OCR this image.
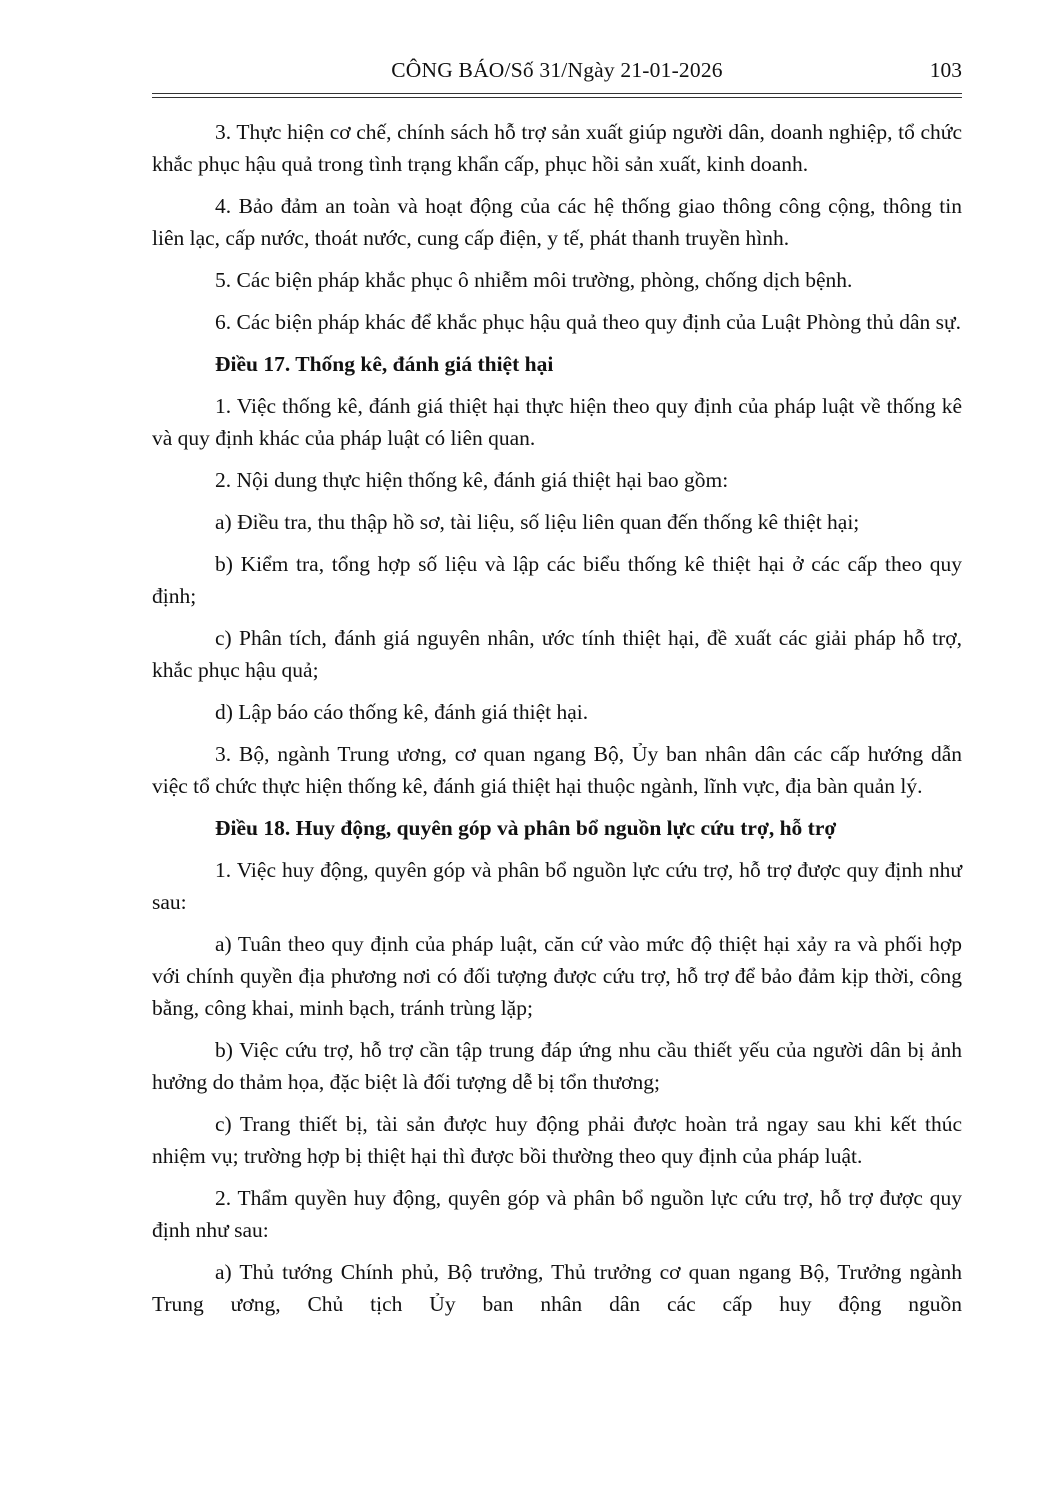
CÔNG BÁO/Số 31/Ngày 21-01-2026	103

3. Thực hiện cơ chế, chính sách hỗ trợ sản xuất giúp người dân, doanh nghiệp, tổ chức khắc phục hậu quả trong tình trạng khẩn cấp, phục hồi sản xuất, kinh doanh.

4. Bảo đảm an toàn và hoạt động của các hệ thống giao thông công cộng, thông tin liên lạc, cấp nước, thoát nước, cung cấp điện, y tế, phát thanh truyền hình.

5. Các biện pháp khắc phục ô nhiễm môi trường, phòng, chống dịch bệnh.

6. Các biện pháp khác để khắc phục hậu quả theo quy định của Luật Phòng thủ dân sự.

Điều 17. Thống kê, đánh giá thiệt hại

1. Việc thống kê, đánh giá thiệt hại thực hiện theo quy định của pháp luật về thống kê và quy định khác của pháp luật có liên quan.

2. Nội dung thực hiện thống kê, đánh giá thiệt hại bao gồm:

a) Điều tra, thu thập hồ sơ, tài liệu, số liệu liên quan đến thống kê thiệt hại;

b) Kiểm tra, tổng hợp số liệu và lập các biểu thống kê thiệt hại ở các cấp theo quy định;

c) Phân tích, đánh giá nguyên nhân, ước tính thiệt hại, đề xuất các giải pháp hỗ trợ, khắc phục hậu quả;

d) Lập báo cáo thống kê, đánh giá thiệt hại.

3. Bộ, ngành Trung ương, cơ quan ngang Bộ, Ủy ban nhân dân các cấp hướng dẫn việc tổ chức thực hiện thống kê, đánh giá thiệt hại thuộc ngành, lĩnh vực, địa bàn quản lý.

Điều 18. Huy động, quyên góp và phân bổ nguồn lực cứu trợ, hỗ trợ

1. Việc huy động, quyên góp và phân bổ nguồn lực cứu trợ, hỗ trợ được quy định như sau:

a) Tuân theo quy định của pháp luật, căn cứ vào mức độ thiệt hại xảy ra và phối hợp với chính quyền địa phương nơi có đối tượng được cứu trợ, hỗ trợ để bảo đảm kịp thời, công bằng, công khai, minh bạch, tránh trùng lặp;

b) Việc cứu trợ, hỗ trợ cần tập trung đáp ứng nhu cầu thiết yếu của người dân bị ảnh hưởng do thảm họa, đặc biệt là đối tượng dễ bị tổn thương;

c) Trang thiết bị, tài sản được huy động phải được hoàn trả ngay sau khi kết thúc nhiệm vụ; trường hợp bị thiệt hại thì được bồi thường theo quy định của pháp luật.

2. Thẩm quyền huy động, quyên góp và phân bổ nguồn lực cứu trợ, hỗ trợ được quy định như sau:

a) Thủ tướng Chính phủ, Bộ trưởng, Thủ trưởng cơ quan ngang Bộ, Trưởng ngành Trung ương, Chủ tịch Ủy ban nhân dân các cấp huy động nguồn
